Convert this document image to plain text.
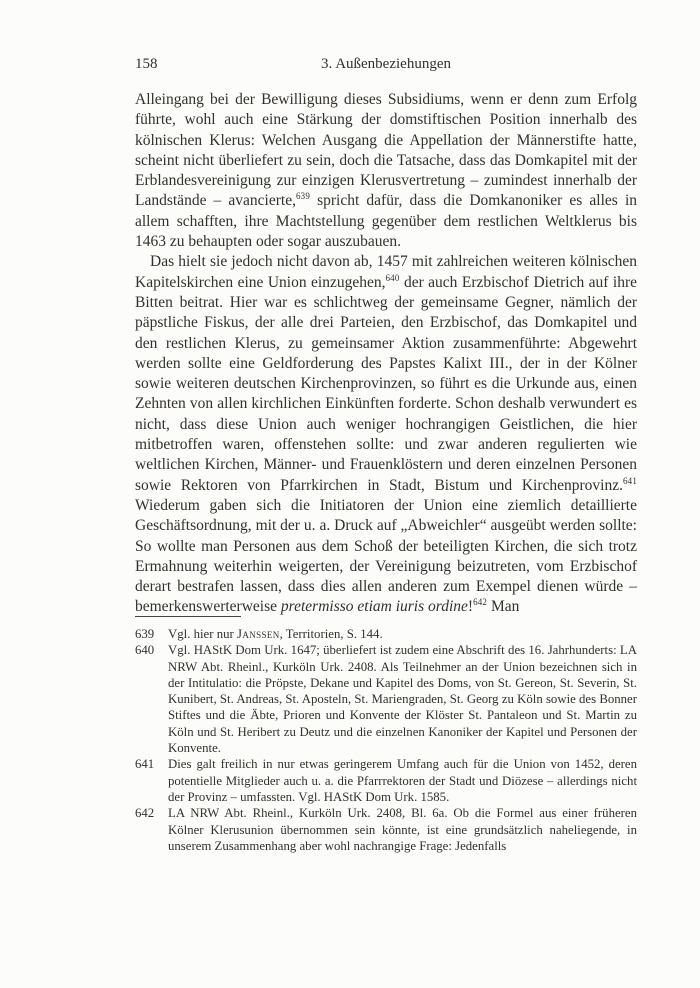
158	3. Außenbeziehungen

Alleingang bei der Bewilligung dieses Subsidiums, wenn er denn zum Erfolg führte, wohl auch eine Stärkung der domstiftischen Position innerhalb des kölnischen Klerus: Welchen Ausgang die Appellation der Männerstifte hatte, scheint nicht überliefert zu sein, doch die Tatsache, dass das Domkapitel mit der Erblandesvereinigung zur einzigen Klerusvertretung – zumindest innerhalb der Landstände – avancierte,$^{639}$ spricht dafür, dass die Domkanoniker es alles in allem schafften, ihre Machtstellung gegenüber dem restlichen Weltklerus bis 1463 zu behaupten oder sogar auszubauen.

Das hielt sie jedoch nicht davon ab, 1457 mit zahlreichen weiteren kölnischen Kapitelskirchen eine Union einzugehen,$^{640}$ der auch Erzbischof Dietrich auf ihre Bitten beitrat. Hier war es schlichtweg der gemeinsame Gegner, nämlich der päpstliche Fiskus, der alle drei Parteien, den Erzbischof, das Domkapitel und den restlichen Klerus, zu gemeinsamer Aktion zusammenführte: Abgewehrt werden sollte eine Geldforderung des Papstes Kalixt III., der in der Kölner sowie weiteren deutschen Kirchenprovinzen, so führt es die Urkunde aus, einen Zehnten von allen kirchlichen Einkünften forderte. Schon deshalb verwundert es nicht, dass diese Union auch weniger hochrangigen Geistlichen, die hier mitbetroffen waren, offenstehen sollte: und zwar anderen regulierten wie weltlichen Kirchen, Männer- und Frauenklöstern und deren einzelnen Personen sowie Rektoren von Pfarrkirchen in Stadt, Bistum und Kirchenprovinz.$^{641}$ Wiederum gaben sich die Initiatoren der Union eine ziemlich detaillierte Geschäftsordnung, mit der u. a. Druck auf „Abweichler“ ausgeübt werden sollte: So wollte man Personen aus dem Schoß der beteiligten Kirchen, die sich trotz Ermahnung weiterhin weigerten, der Vereinigung beizutreten, vom Erzbischof derart bestrafen lassen, dass dies allen anderen zum Exempel dienen würde – bemerkenswerterweise pretermisso etiam iuris ordine!$^{642}$ Man

639 Vgl. hier nur Janssen, Territorien, S. 144.
640 Vgl. HAStK Dom Urk. 1647; überliefert ist zudem eine Abschrift des 16. Jahrhunderts: LA NRW Abt. Rheinl., Kurköln Urk. 2408. Als Teilnehmer an der Union bezeichnen sich in der Intitulatio: die Pröpste, Dekane und Kapitel des Doms, von St. Gereon, St. Severin, St. Kunibert, St. Andreas, St. Aposteln, St. Mariengraden, St. Georg zu Köln sowie des Bonner Stiftes und die Äbte, Prioren und Konvente der Klöster St. Pantaleon und St. Martin zu Köln und St. Heribert zu Deutz und die einzelnen Kanoniker der Kapitel und Personen der Konvente.
641 Dies galt freilich in nur etwas geringerem Umfang auch für die Union von 1452, deren potentielle Mitglieder auch u. a. die Pfarrrektoren der Stadt und Diözese – allerdings nicht der Provinz – umfassten. Vgl. HAStK Dom Urk. 1585.
642 LA NRW Abt. Rheinl., Kurköln Urk. 2408, Bl. 6a. Ob die Formel aus einer früheren Kölner Klerusunion übernommen sein könnte, ist eine grundsätzlich naheliegende, in unserem Zusammenhang aber wohl nachrangige Frage: Jedenfalls
